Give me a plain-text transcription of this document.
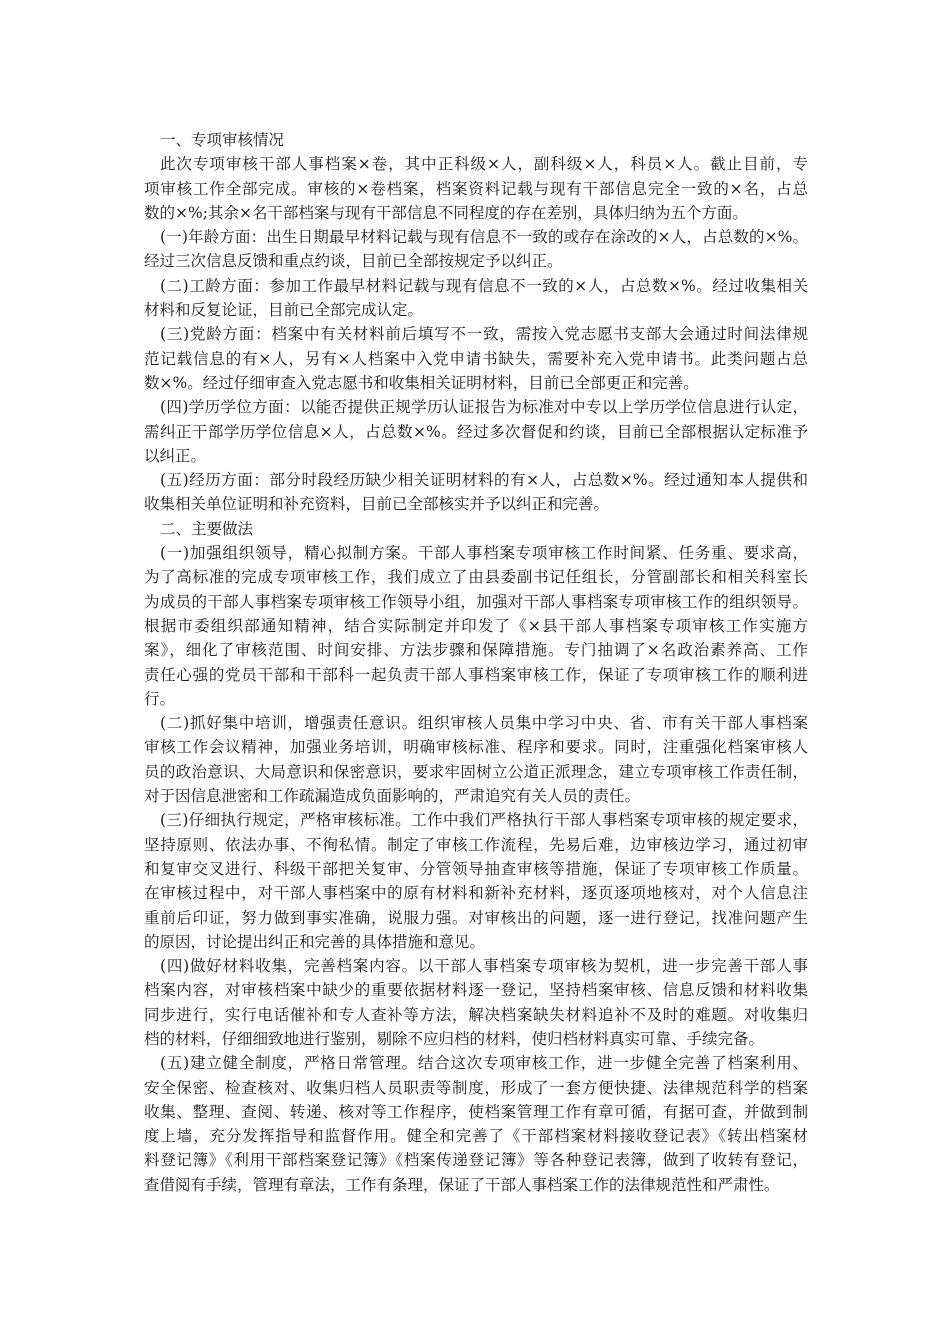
一、专项审核情况
此次专项审核干部人事档案×卷，其中正科级×人，副科级×人，科员×人。截止目前，专
项审核工作全部完成。审核的×卷档案，档案资料记载与现有干部信息完全一致的×名，占总
数的×%;其余×名干部档案与现有干部信息不同程度的存在差别，具体归纳为五个方面。
(一)年龄方面：出生日期最早材料记载与现有信息不一致的或存在涂改的×人，占总数的×%。
经过三次信息反馈和重点约谈，目前已全部按规定予以纠正。
(二)工龄方面：参加工作最早材料记载与现有信息不一致的×人，占总数×%。经过收集相关
材料和反复论证，目前已全部完成认定。
(三)党龄方面：档案中有关材料前后填写不一致，需按入党志愿书支部大会通过时间法律规
范记载信息的有×人，另有×人档案中入党申请书缺失，需要补充入党申请书。此类问题占总
数×%。经过仔细审查入党志愿书和收集相关证明材料，目前已全部更正和完善。
(四)学历学位方面：以能否提供正规学历认证报告为标准对中专以上学历学位信息进行认定，
需纠正干部学历学位信息×人，占总数×%。经过多次督促和约谈，目前已全部根据认定标准予
以纠正。
(五)经历方面：部分时段经历缺少相关证明材料的有×人，占总数×%。经过通知本人提供和
收集相关单位证明和补充资料，目前已全部核实并予以纠正和完善。
二、主要做法
(一)加强组织领导，精心拟制方案。干部人事档案专项审核工作时间紧、任务重、要求高，
为了高标准的完成专项审核工作，我们成立了由县委副书记任组长，分管副部长和相关科室长
为成员的干部人事档案专项审核工作领导小组，加强对干部人事档案专项审核工作的组织领导。
根据市委组织部通知精神，结合实际制定并印发了《×县干部人事档案专项审核工作实施方
案》，细化了审核范围、时间安排、方法步骤和保障措施。专门抽调了×名政治素养高、工作
责任心强的党员干部和干部科一起负责干部人事档案审核工作，保证了专项审核工作的顺利进
行。
(二)抓好集中培训，增强责任意识。组织审核人员集中学习中央、省、市有关干部人事档案
审核工作会议精神，加强业务培训，明确审核标准、程序和要求。同时，注重强化档案审核人
员的政治意识、大局意识和保密意识，要求牢固树立公道正派理念，建立专项审核工作责任制，
对于因信息泄密和工作疏漏造成负面影响的，严肃追究有关人员的责任。
(三)仔细执行规定，严格审核标准。工作中我们严格执行干部人事档案专项审核的规定要求，
坚持原则、依法办事、不徇私情。制定了审核工作流程，先易后难，边审核边学习，通过初审
和复审交叉进行、科级干部把关复审、分管领导抽查审核等措施，保证了专项审核工作质量。
在审核过程中，对干部人事档案中的原有材料和新补充材料，逐页逐项地核对，对个人信息注
重前后印证，努力做到事实准确，说服力强。对审核出的问题，逐一进行登记，找准问题产生
的原因，讨论提出纠正和完善的具体措施和意见。
(四)做好材料收集，完善档案内容。以干部人事档案专项审核为契机，进一步完善干部人事
档案内容，对审核档案中缺少的重要依据材料逐一登记，坚持档案审核、信息反馈和材料收集
同步进行，实行电话催补和专人查补等方法，解决档案缺失材料追补不及时的难题。对收集归
档的材料，仔细细致地进行鉴别，剔除不应归档的材料，使归档材料真实可靠、手续完备。
(五)建立健全制度，严格日常管理。结合这次专项审核工作，进一步健全完善了档案利用、
安全保密、检查核对、收集归档人员职责等制度，形成了一套方便快捷、法律规范科学的档案
收集、整理、查阅、转递、核对等工作程序，使档案管理工作有章可循，有据可查，并做到制
度上墙，充分发挥指导和监督作用。健全和完善了《干部档案材料接收登记表》《转出档案材
料登记簿》《利用干部档案登记簿》《档案传递登记簿》等各种登记表簿，做到了收转有登记，
查借阅有手续，管理有章法，工作有条理，保证了干部人事档案工作的法律规范性和严肃性。
